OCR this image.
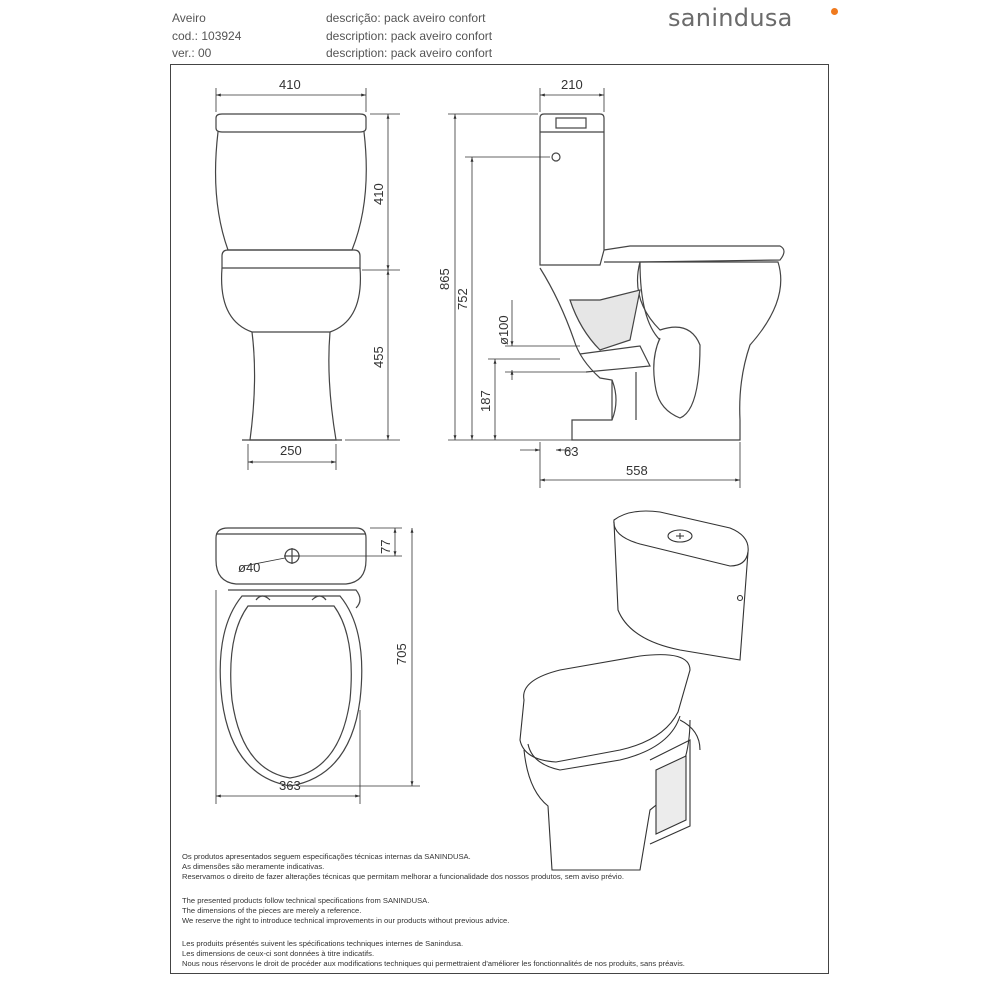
Aveiro
cod.: 103924
ver.: 00
descrição: pack aveiro confort
description: pack aveiro confort
description: pack aveiro confort
sanindusa
410
410
455
250
210
865
752
ø100
187
63
558
ø40
77
705
363
Os produtos apresentados seguem especificações técnicas internas da SANINDUSA.
As dimensões são meramente indicativas.
Reservamos o direito de fazer alterações técnicas que permitam melhorar a funcionalidade dos nossos produtos, sem aviso prévio.
The presented products follow technical specifications from SANINDUSA.
The dimensions of the pieces are merely a reference.
We reserve the right to introduce technical improvements in our products without previous advice.
Les produits présentés suivent les spécifications techniques internes de Sanindusa.
Les dimensions de ceux-ci sont données à titre indicatifs.
Nous nous réservons le droit de procéder aux modifications techniques qui permettraient d'améliorer les fonctionnalités de nos produits, sans préavis.
